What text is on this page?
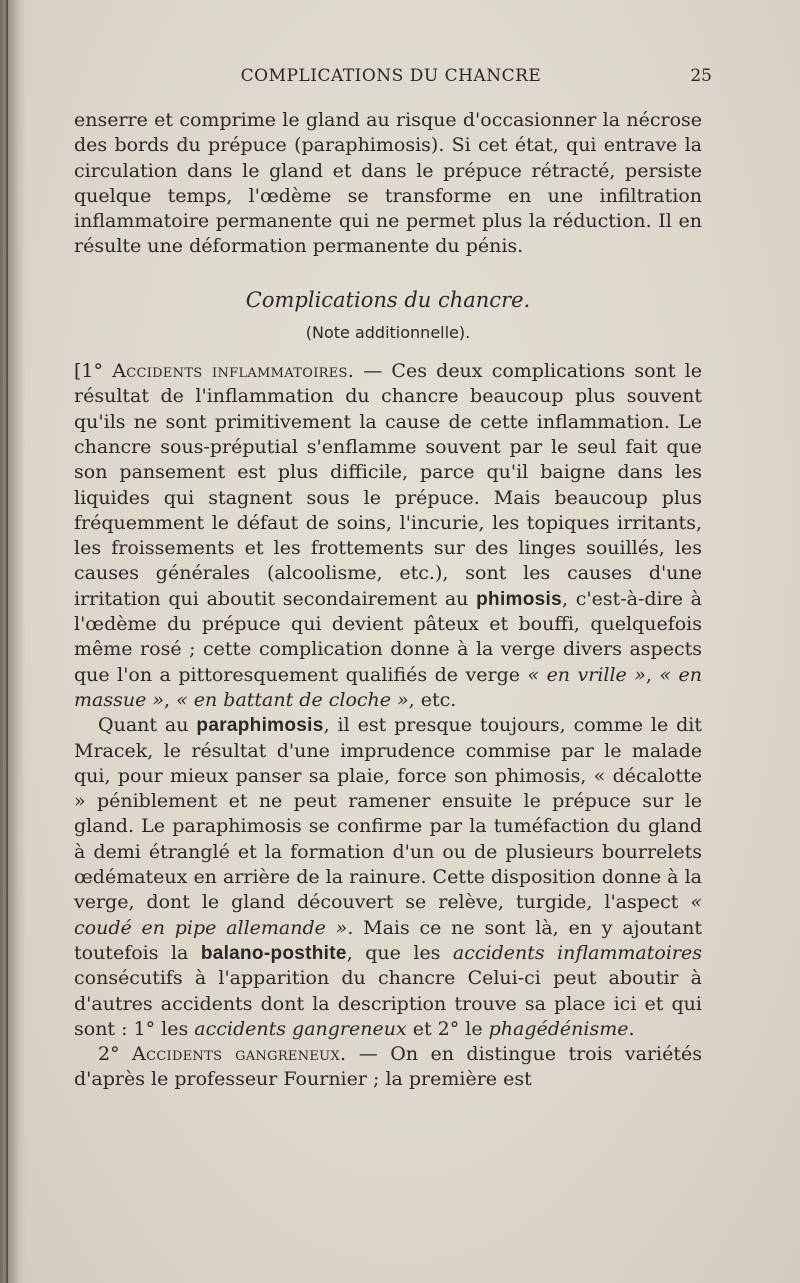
COMPLICATIONS DU CHANCRE	25

enserre et comprime le gland au risque d'occasionner la nécrose des bords du prépuce (paraphimosis). Si cet état, qui entrave la circulation dans le gland et dans le prépuce rétracté, persiste quelque temps, l'œdème se transforme en une infiltration inflammatoire permanente qui ne permet plus la réduction. Il en résulte une déformation permanente du pénis.

Complications du chancre.

(Note additionnelle).

[1° Accidents inflammatoires. — Ces deux complications sont le résultat de l'inflammation du chancre beaucoup plus souvent qu'ils ne sont primitivement la cause de cette inflammation. Le chancre sous-préputial s'enflamme souvent par le seul fait que son pansement est plus difficile, parce qu'il baigne dans les liquides qui stagnent sous le prépuce. Mais beaucoup plus fréquemment le défaut de soins, l'incurie, les topiques irritants, les froissements et les frottements sur des linges souillés, les causes générales (alcoolisme, etc.), sont les causes d'une irritation qui aboutit secondairement au phimosis, c'est-à-dire à l'œdème du prépuce qui devient pâteux et bouffi, quelquefois même rosé ; cette complication donne à la verge divers aspects que l'on a pittoresquement qualifiés de verge « en vrille », « en massue », « en battant de cloche », etc.

Quant au paraphimosis, il est presque toujours, comme le dit Mracek, le résultat d'une imprudence commise par le malade qui, pour mieux panser sa plaie, force son phimosis, « décalotte » péniblement et ne peut ramener ensuite le prépuce sur le gland. Le paraphimosis se confirme par la tuméfaction du gland à demi étranglé et la formation d'un ou de plusieurs bourrelets œdémateux en arrière de la rainure. Cette disposition donne à la verge, dont le gland découvert se relève, turgide, l'aspect « coudé en pipe allemande ». Mais ce ne sont là, en y ajoutant toutefois la balano-posthite, que les accidents inflammatoires consécutifs à l'apparition du chancre Celui-ci peut aboutir à d'autres accidents dont la description trouve sa place ici et qui sont : 1° les accidents gangreneux et 2° le phagédénisme.

2° Accidents gangreneux. — On en distingue trois variétés d'après le professeur Fournier ; la première est
